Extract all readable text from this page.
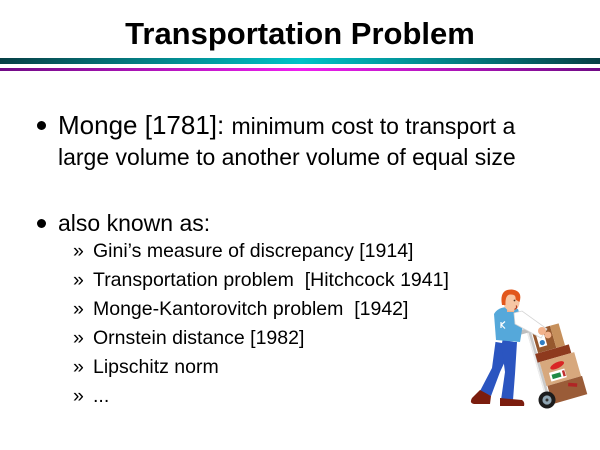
Transportation Problem
Monge [1781]: minimum cost to transport a large volume to another volume of equal size
also known as:
» Gini’s measure of discrepancy [1914]
» Transportation problem  [Hitchcock 1941]
» Monge-Kantorovitch problem  [1942]
» Ornstein distance [1982]
» Lipschitz norm
» ...
